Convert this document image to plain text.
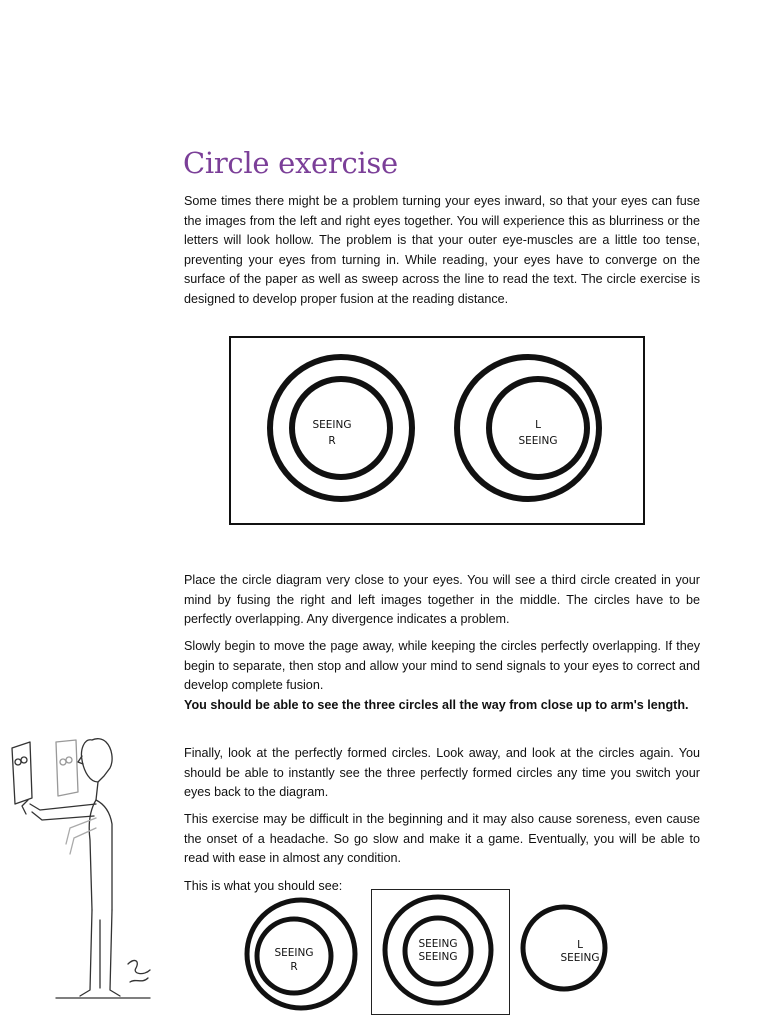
Circle exercise

Some times there might be a problem turning your eyes inward, so that your eyes can fuse the images from the left and right eyes together. You will experience this as blurriness or the letters will look hollow. The problem is that your outer eye-muscles are a little too tense, preventing your eyes from turning in. While reading, your eyes have to converge on the surface of the paper as well as sweep across the line to read the text. The circle exercise is designed to develop proper fusion at the reading distance.

SEEING
R
L
SEEING
SEEING
R
SEEING
SEEING
L
SEEING

Place the circle diagram very close to your eyes. You will see a third circle created in your mind by fusing the right and left images together in the middle. The circles have to be perfectly overlapping. Any divergence indicates a problem.

Slowly begin to move the page away, while keeping the circles perfectly overlapping. If they begin to separate, then stop and allow your mind to send signals to your eyes to correct and develop complete fusion.

You should be able to see the three circles all the way from close up to arm's length.

Finally, look at the perfectly formed circles. Look away, and look at the circles again. You should be able to instantly see the three perfectly formed circles any time you switch your eyes back to the diagram.

This exercise may be difficult in the beginning and it may also cause soreness, even cause the onset of a headache. So go slow and make it a game. Eventually, you will be able to read with ease in almost any condition.

This is what you should see:
